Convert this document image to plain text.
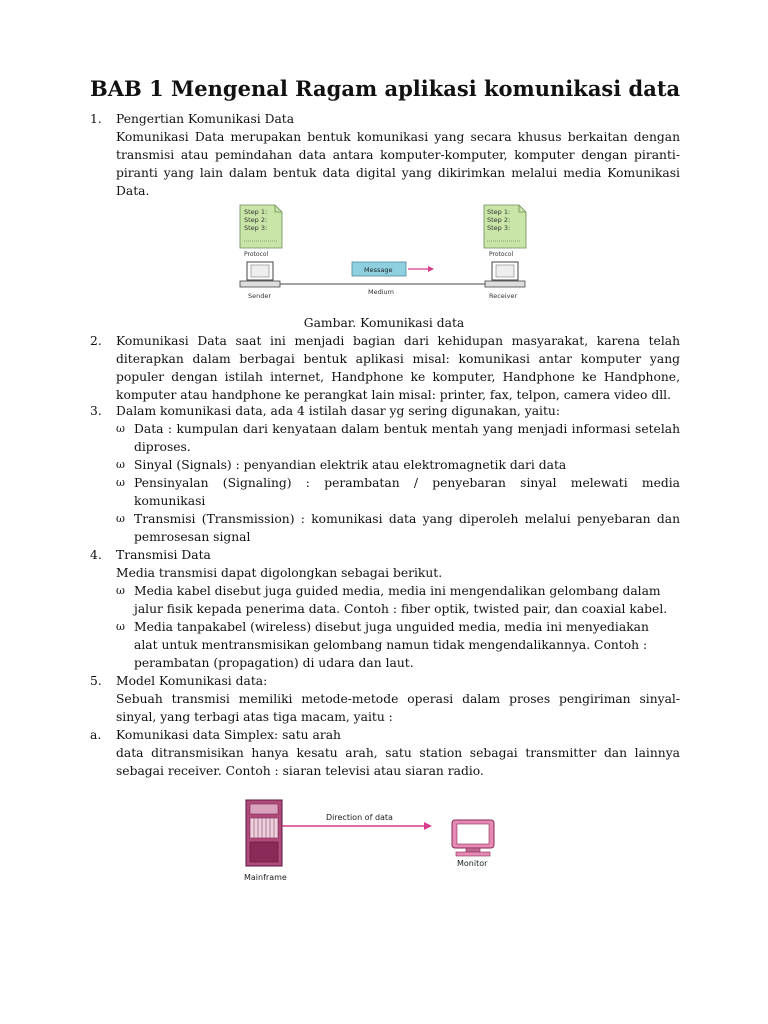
BAB 1 Mengenal Ragam aplikasi komunikasi data
1.	Pengertian Komunikasi Data
Komunikasi Data merupakan bentuk komunikasi yang secara khusus berkaitan dengan
transmisi atau pemindahan data antara komputer-komputer, komputer dengan piranti-
piranti yang lain dalam bentuk data digital yang dikirimkan melalui media Komunikasi
Data.
Step 1:
Step 2:
Step 3:
Protocol
Sender	Medium
Message
Step 1:
Step 2:
Step 3:
Protocol
Receiver
Gambar. Komunikasi data
2.	Komunikasi Data saat ini menjadi bagian dari kehidupan masyarakat, karena telah
diterapkan dalam berbagai bentuk aplikasi misal: komunikasi antar komputer yang
populer dengan istilah internet, Handphone ke komputer, Handphone ke Handphone,
komputer atau handphone ke perangkat lain misal: printer, fax, telpon, camera video dll.
3.	Dalam komunikasi data, ada 4 istilah dasar yg sering digunakan, yaitu:
ω Data : kumpulan dari kenyataan dalam bentuk mentah yang menjadi informasi setelah
diproses.
ω Sinyal (Signals) : penyandian elektrik atau elektromagnetik dari data
ω Pensinyalan (Signaling) : perambatan / penyebaran sinyal melewati media
komunikasi
ω Transmisi (Transmission) : komunikasi data yang diperoleh melalui penyebaran dan
pemrosesan signal
4.	Transmisi Data
Media transmisi dapat digolongkan sebagai berikut.
ω Media kabel disebut juga guided media, media ini mengendalikan gelombang dalam
jalur fisik kepada penerima data. Contoh : fiber optik, twisted pair, dan coaxial kabel.
ω Media tanpakabel (wireless) disebut juga unguided media, media ini menyediakan
alat untuk mentransmisikan gelombang namun tidak mengendalikannya. Contoh :
perambatan (propagation) di udara dan laut.
5.	Model Komunikasi data:
Sebuah transmisi memiliki metode-metode operasi dalam proses pengiriman sinyal-
sinyal, yang terbagi atas tiga macam, yaitu :
a.	Komunikasi data Simplex: satu arah
data ditransmisikan hanya kesatu arah, satu station sebagai transmitter dan lainnya
sebagai receiver. Contoh : siaran televisi atau siaran radio.
Mainframe
Direction of data
Monitor
